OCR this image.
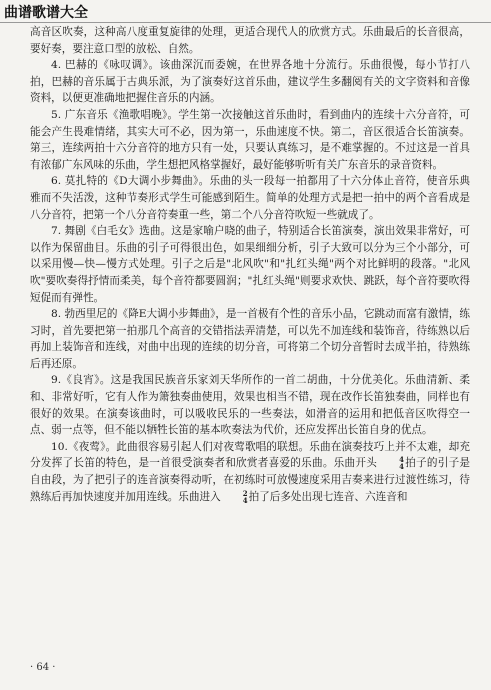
曲谱歌谱大全

高音区吹奏，这种高八度重复旋律的处理，更适合现代人的欣赏方式。乐曲最后的长音很高，要好奏，要注意口型的放松、自然。

4. 巴赫的《咏叹调》。该曲深沉而委婉，在世界各地十分流行。乐曲很慢，每小节打八拍，巴赫的音乐属于古典乐派，为了演奏好这首乐曲，建议学生多翻阅有关的文字资料和音像资料，以便更准确地把握住音乐的内涵。

5. 广东音乐《渔歌唱晚》。学生第一次接触这首乐曲时，看到曲内的连续十六分音符，可能会产生畏难情绪，其实大可不必，因为第一，乐曲速度不快。第二，音区很适合长笛演奏。第三，连续两拍十六分音符的地方只有一处，只要认真练习，是不难掌握的。不过这是一首具有浓郁广东风味的乐曲，学生想把风格掌握好，最好能够听听有关广东音乐的录音资料。

6. 莫扎特的《D大调小步舞曲》。乐曲的头一段每一拍都用了十六分体止音符，使音乐典雅而不失活泼，这种节奏形式学生可能感到陌生。简单的处理方式是把一拍中的两个音看成是八分音符，把第一个八分音符奏重一些，第二个八分音符吹短一些就成了。

7. 舞剧《白毛女》选曲。这是家喻户晓的曲子，特别适合长笛演奏，演出效果非常好，可以作为保留曲目。乐曲的引子可得很出色，如果细细分析，引子大致可以分为三个小部分，可以采用慢—快—慢方式处理。引子之后是"北风吹"和"扎红头绳"两个对比鲜明的段落。"北风吹"要吹奏得抒情而柔美，每个音符都要圆润；"扎红头绳"则要求欢快、跳跃，每个音符要吹得短促而有弹性。

8. 勃西里尼的《降E大调小步舞曲》，是一首极有个性的音乐小品，它跳动而富有激情，练习时，首先要把第一拍那几个高音的交错指法弄清楚，可以先不加连线和装饰音，待练熟以后再加上装饰音和连线，对曲中出现的连续的切分音，可将第二个切分音暂时去成半拍，待熟练后再还原。

9.《良宵》。这是我国民族音乐家刘天华所作的一首二胡曲，十分优美化。乐曲清新、柔和、非常好听，它有人作为箫独奏曲使用，效果也相当不错，现在改作长笛独奏曲，同样也有很好的效果。在演奏该曲时，可以吸收民乐的一些奏法，如滑音的运用和把低音区吹得空一点、弱一点等，但不能以牺牲长笛的基本吹奏法为代价，还应发挥出长笛自身的优点。

10.《夜莺》。此曲很容易引起人们对夜莺歌唱的联想。乐曲在演奏技巧上并不太难，却充分发挥了长笛的特色，是一首很受演奏者和欣赏者喜爱的乐曲。乐曲开头	4
4 拍子的引子是自由段，为了把引子的连音演奏得动听，在初练时可放慢速度采用吉奏来进行过渡性练习，待熟练后再加快速度并加用连线。乐曲进入	2
4 拍了后多处出现七连音、六连音和

· 64 ·
